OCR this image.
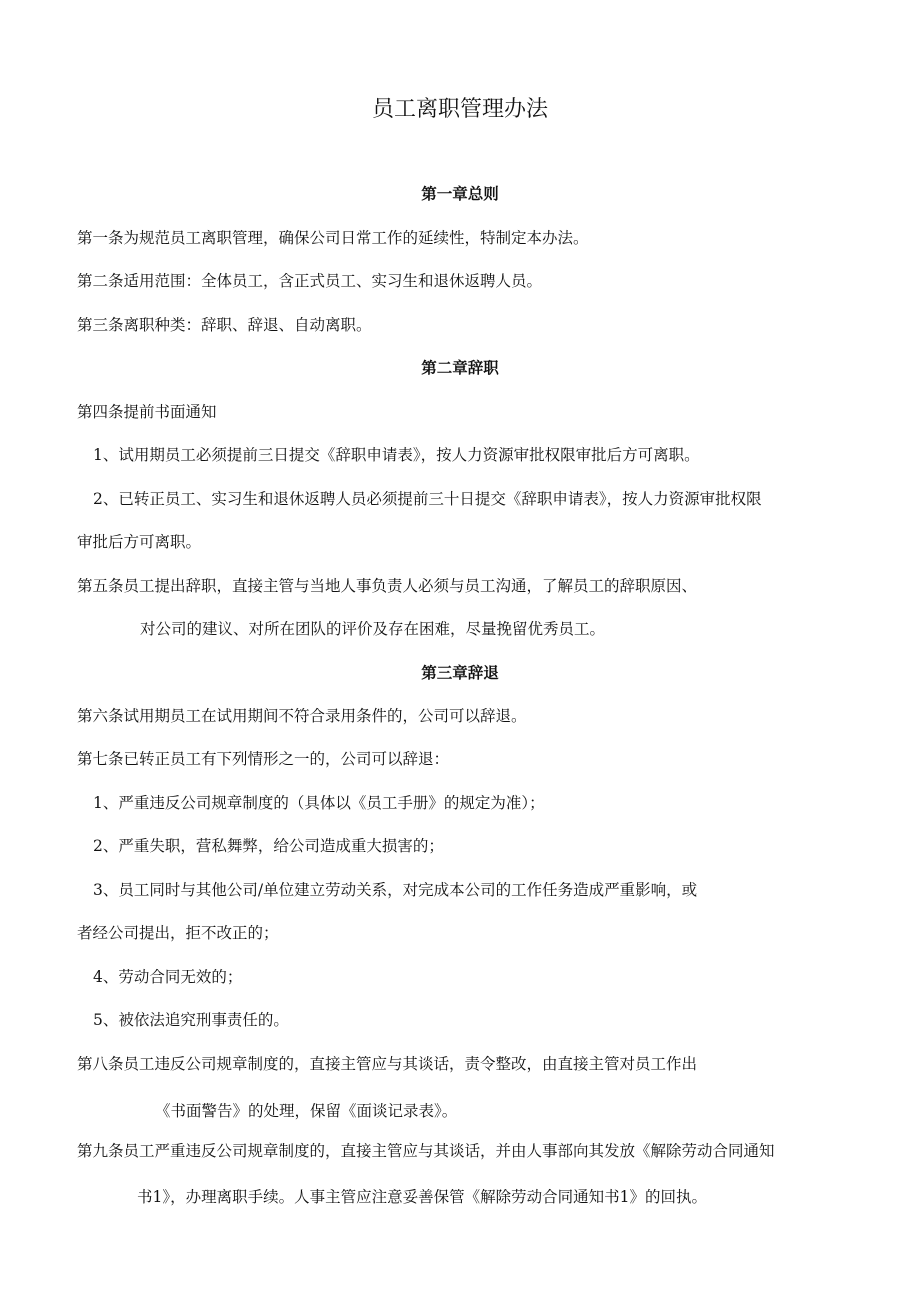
员工离职管理办法
第一章总则

第一条为规范员工离职管理，确保公司日常工作的延续性，特制定本办法。

第二条适用范围：全体员工，含正式员工、实习生和退休返聘人员。

第三条离职种类：辞职、辞退、自动离职。

第二章辞职

第四条提前书面通知

1、试用期员工必须提前三日提交《辞职申请表》，按人力资源审批权限审批后方可离职。

2、已转正员工、实习生和退休返聘人员必须提前三十日提交《辞职申请表》，按人力资源审批权限

审批后方可离职。

第五条员工提出辞职，直接主管与当地人事负责人必须与员工沟通，了解员工的辞职原因、

对公司的建议、对所在团队的评价及存在困难，尽量挽留优秀员工。

第三章辞退

第六条试用期员工在试用期间不符合录用条件的，公司可以辞退。

第七条已转正员工有下列情形之一的，公司可以辞退：

1、严重违反公司规章制度的（具体以《员工手册》的规定为准）；

2、严重失职，营私舞弊，给公司造成重大损害的；

3、员工同时与其他公司/单位建立劳动关系，对完成本公司的工作任务造成严重影响，或

者经公司提出，拒不改正的；

4、劳动合同无效的；

5、被依法追究刑事责任的。

第八条员工违反公司规章制度的，直接主管应与其谈话，责令整改，由直接主管对员工作出

《书面警告》的处理，保留《面谈记录表》。

第九条员工严重违反公司规章制度的，直接主管应与其谈话，并由人事部向其发放《解除劳动合同通知

书1》，办理离职手续。人事主管应注意妥善保管《解除劳动合同通知书1》的回执。
